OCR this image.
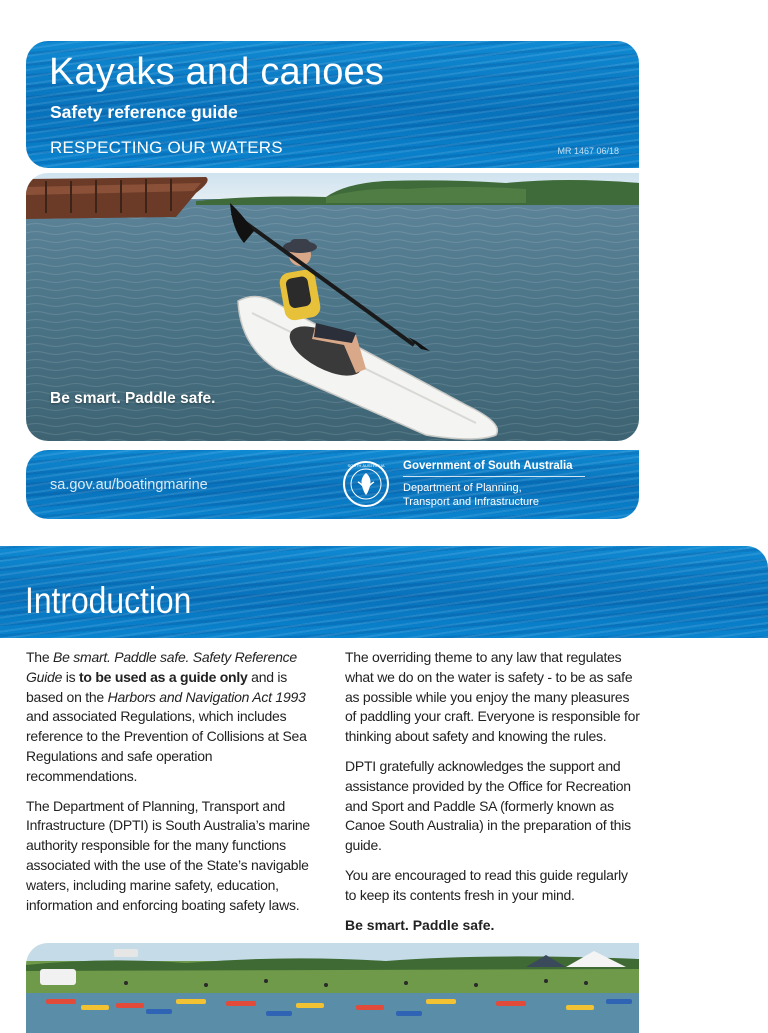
Kayaks and canoes
Safety reference guide
RESPECTING OUR WATERS	MR 1467 06/18
Be smart. Paddle safe.
sa.gov.au/boatingmarine
SOUTH AUSTRALIA Government of South Australia
Department of Planning,
Transport and Infrastructure
Introduction

The Be smart. Paddle safe. Safety Reference Guide is to be used as a guide only and is based on the Harbors and Navigation Act 1993 and associated Regulations, which includes reference to the Prevention of Collisions at Sea Regulations and safe operation recommendations.

The Department of Planning, Transport and Infrastructure (DPTI) is South Australia’s marine authority responsible for the many functions associated with the use of the State’s navigable waters, including marine safety, education, information and enforcing boating safety laws.

The overriding theme to any law that regulates what we do on the water is safety - to be as safe as possible while you enjoy the many pleasures of paddling your craft. Everyone is responsible for thinking about safety and knowing the rules.

DPTI gratefully acknowledges the support and assistance provided by the Office for Recreation and Sport and Paddle SA (formerly known as Canoe South Australia) in the preparation of this guide.

You are encouraged to read this guide regularly to keep its contents fresh in your mind.

Be smart. Paddle safe.
